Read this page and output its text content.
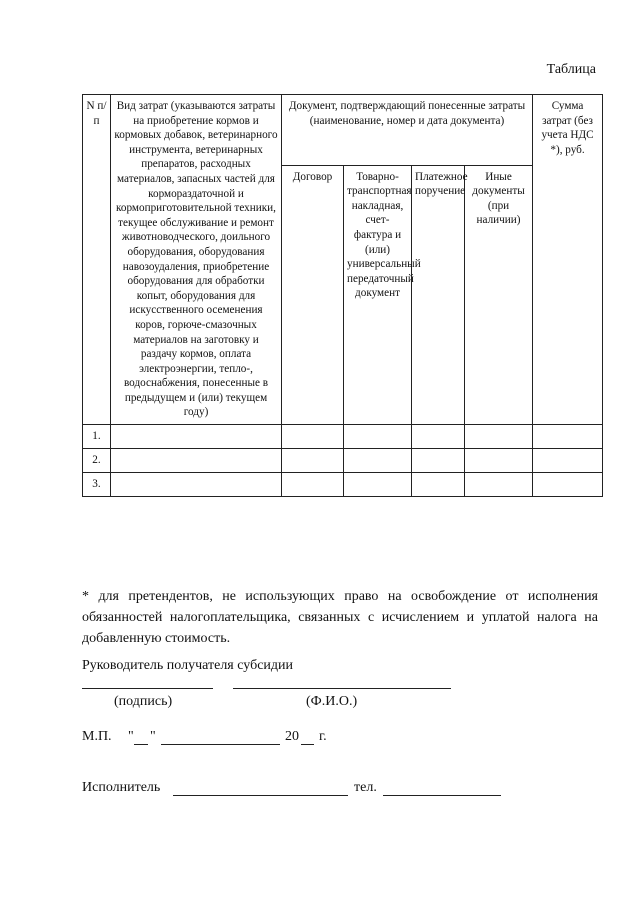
Таблица
N п/п	Вид затрат (указываются затраты на приобретение кормов и кормовых добавок, ветеринарного инструмента, ветеринарных препаратов, расходных материалов, запасных частей для кормораздаточной и кормоприготовительной техники, текущее обслуживание и ремонт животноводческого, доильного оборудования, оборудования навозоудаления, приобретение оборудования для обработки копыт, оборудования для искусственного осеменения коров, горюче-смазочных материалов на заготовку и раздачу кормов, оплата электроэнергии, тепло-, водоснабжения, понесенные в предыдущем и (или) текущем году)	Документ, подтверждающий понесенные затраты (наименование, номер и дата документа)				Сумма затрат (без учета НДС *), руб.
		Договор	Товарно-транспортная накладная, счет-фактура и (или) универсальный передаточный документ	Платежное поручение	Иные документы (при наличии)	
1.						
2.						
3.						
* для претендентов, не использующих право на освобождение от исполнения обязанностей налогоплательщика, связанных с исчислением и уплатой налога на добавленную стоимость.
Руководитель получателя субсидии
(подпись)	(Ф.И.О.)
М.П. " "	20 г.
Исполнитель	тел.
